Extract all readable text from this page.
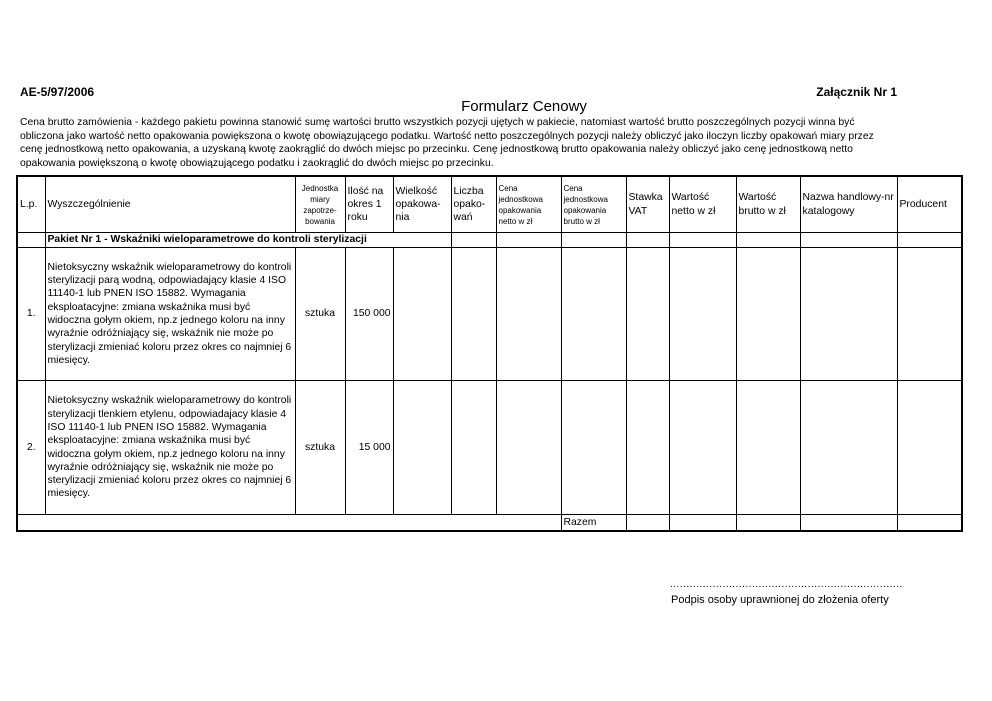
AE-5/97/2006	Załącznik Nr 1
Formularz Cenowy
Cena brutto zamówienia - każdego pakietu powinna stanowić sumę wartości brutto wszystkich pozycji ujętych w pakiecie, natomiast wartość brutto poszczególnych pozycji winna być obliczona jako wartość netto opakowania powiększona o kwotę obowiązującego podatku. Wartość netto poszczególnych pozycji należy obliczyć jako iloczyn liczby opakowań miary przez cenę jednostkową netto opakowania, a uzyskaną kwotę zaokrąglić do dwóch miejsc po przecinku. Cenę jednostkową brutto opakowania należy obliczyć jako cenę jednostkową netto opakowania powiększoną o kwotę obowiązującego podatku i zaokrąglić do dwóch miejsc po przecinku.
L.p.	Wyszczególnienie	Jednostka miary zapotrze-bowania	Ilość na okres 1 roku	Wielkość opakowa-nia	Liczba opako-wań	Cena jednostkowa opakowania netto w zł	Cena jednostkowa opakowania brutto w zł	Stawka VAT	Wartość netto w zł	Wartość brutto w zł	Nazwa handlowy-nr katalogowy	Producent
	Pakiet Nr 1 - Wskaźniki wieloparametrowe do kontroli sterylizacji											
1.	Nietoksyczny wskaźnik wieloparametrowy do kontroli sterylizacji parą wodną, odpowiadający klasie 4 ISO 11140-1 lub PNEN ISO 15882. Wymagania eksploatacyjne: zmiana wskaźnika musi być widoczna gołym okiem, np.z jednego koloru na inny wyraźnie odróżniający się, wskaźnik nie może po sterylizacji zmieniać koloru przez okres co najmniej 6 miesięcy.	sztuka	150 000									
2.	Nietoksyczny wskaźnik wieloparametrowy do kontroli sterylizacji tlenkiem etylenu, odpowiadajacy klasie 4 ISO 11140-1 lub PNEN ISO 15882. Wymagania eksploatacyjne: zmiana wskaźnika musi być widoczna gołym okiem, np.z jednego koloru na inny wyraźnie odróżniający się, wskaźnik nie może po sterylizacji zmieniać koloru przez okres co najmniej 6 miesięcy.	sztuka	15 000									
							Razem					
.......................................................................
Podpis osoby uprawnionej do złożenia oferty
